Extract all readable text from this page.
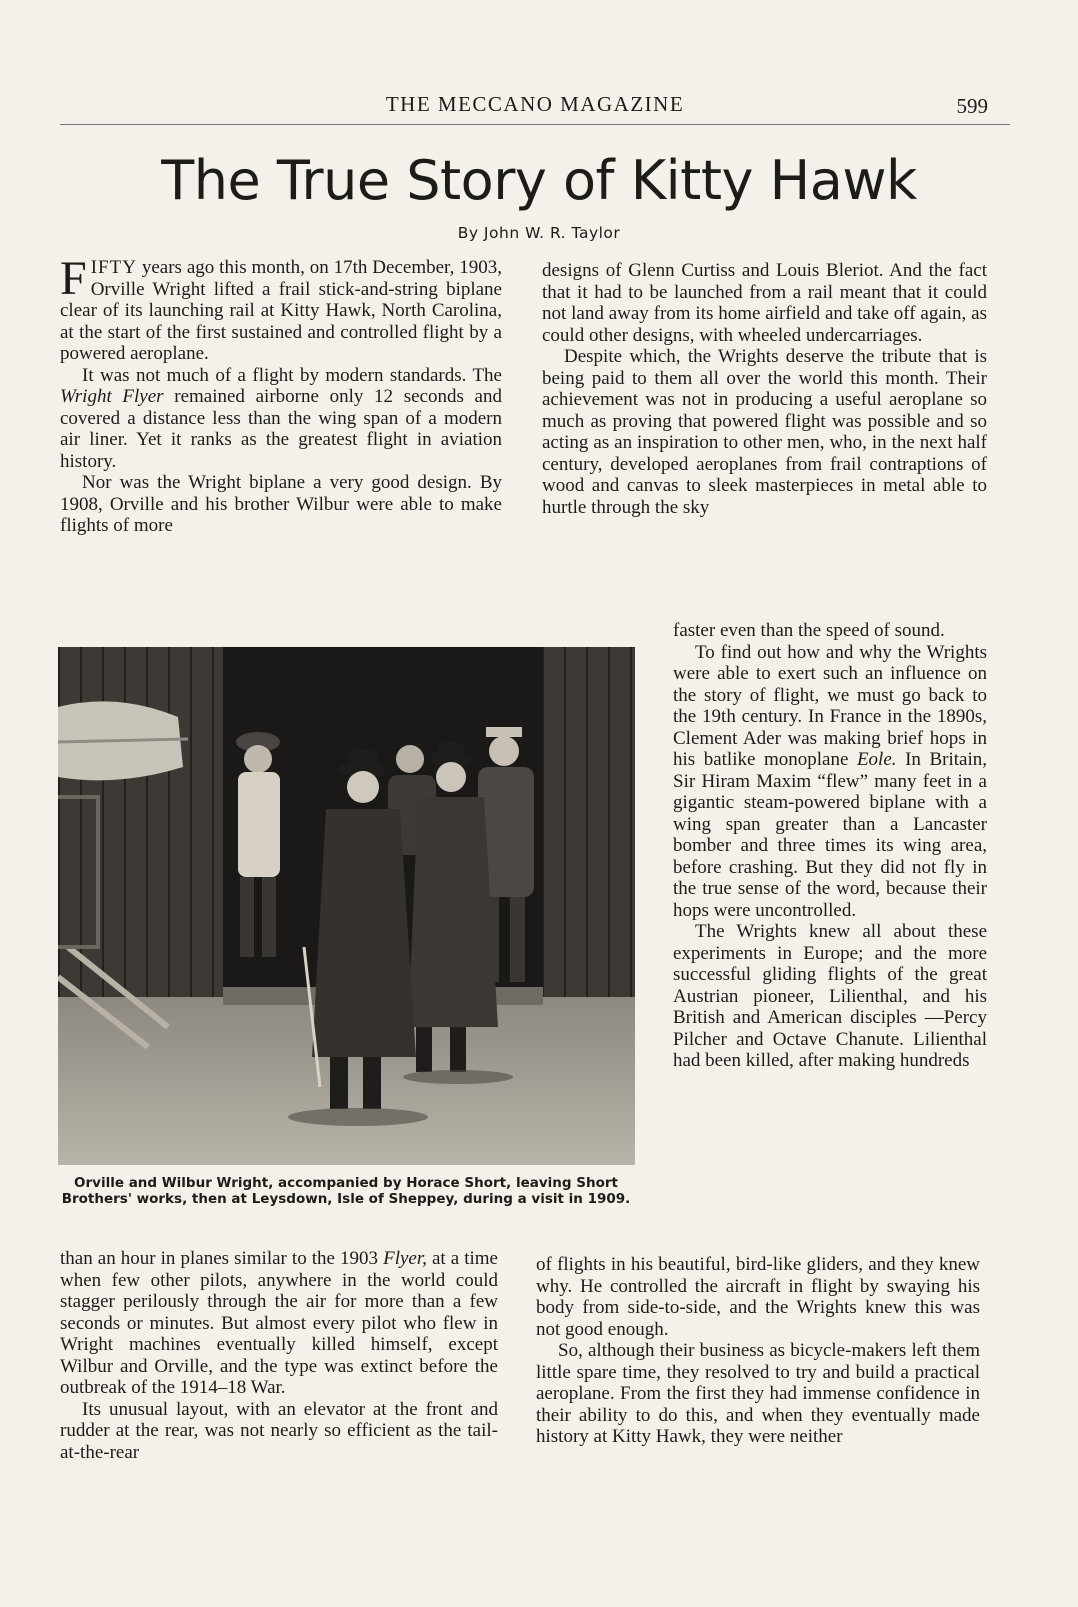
THE MECCANO MAGAZINE	599
The True Story of Kitty Hawk
By John W. R. Taylor

FIFTY years ago this month, on 17th December, 1903, Orville Wright lifted a frail stick-and-string biplane clear of its launching rail at Kitty Hawk, North Carolina, at the start of the first sustained and controlled flight by a powered aeroplane.

It was not much of a flight by modern standards. The Wright Flyer remained airborne only 12 seconds and covered a distance less than the wing span of a modern air liner. Yet it ranks as the greatest flight in aviation history.

Nor was the Wright biplane a very good design. By 1908, Orville and his brother Wilbur were able to make flights of more

designs of Glenn Curtiss and Louis Bleriot. And the fact that it had to be launched from a rail meant that it could not land away from its home airfield and take off again, as could other designs, with wheeled undercarriages.

Despite which, the Wrights deserve the tribute that is being paid to them all over the world this month. Their achievement was not in producing a useful aeroplane so much as proving that powered flight was possible and so acting as an inspiration to other men, who, in the next half century, developed aeroplanes from frail contraptions of wood and canvas to sleek masterpieces in metal able to hurtle through the sky

faster even than the speed of sound.

To find out how and why the Wrights were able to exert such an influence on the story of flight, we must go back to the 19th century. In France in the 1890s, Clement Ader was making brief hops in his batlike monoplane Eole. In Britain, Sir Hiram Maxim “flew” many feet in a gigantic steam-powered biplane with a wing span greater than a Lancaster bomber and three times its wing area, before crashing. But they did not fly in the true sense of the word, because their hops were uncontrolled.

The Wrights knew all about these experiments in Europe; and the more successful gliding flights of the great Austrian pioneer, Lilienthal, and his British and American disciples —Percy Pilcher and Octave Chanute. Lilienthal had been killed, after making hundreds

Orville and Wilbur Wright, accompanied by Horace Short, leaving Short Brothers' works, then at Leysdown, Isle of Sheppey, during a visit in 1909.

than an hour in planes similar to the 1903 Flyer, at a time when few other pilots, anywhere in the world could stagger perilously through the air for more than a few seconds or minutes. But almost every pilot who flew in Wright machines eventually killed himself, except Wilbur and Orville, and the type was extinct before the outbreak of the 1914–18 War.

Its unusual layout, with an elevator at the front and rudder at the rear, was not nearly so efficient as the tail-at-the-rear

of flights in his beautiful, bird-like gliders, and they knew why. He controlled the aircraft in flight by swaying his body from side-to-side, and the Wrights knew this was not good enough.

So, although their business as bicycle-makers left them little spare time, they resolved to try and build a practical aeroplane. From the first they had immense confidence in their ability to do this, and when they eventually made history at Kitty Hawk, they were neither
